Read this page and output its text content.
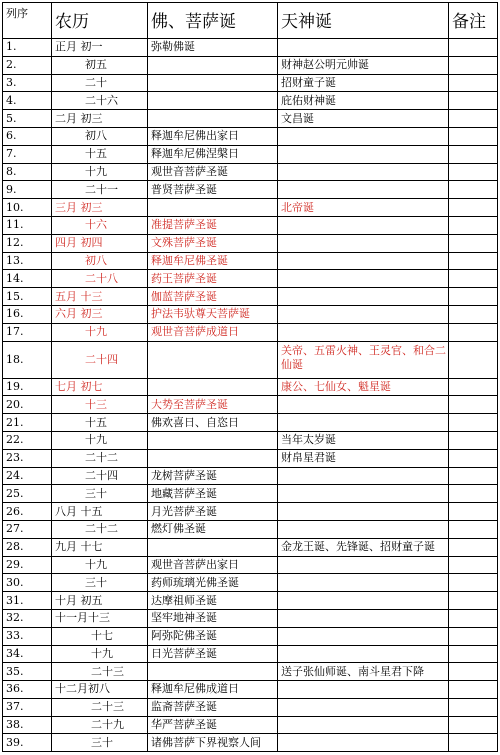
列序	农历	佛、菩萨诞	天神诞	备注
1.	正月 初一	弥勒佛诞		
2.	初五		财神赵公明元帅诞	
3.	二十		招财童子诞	
4.	二十六		庇佑财神诞	
5.	二月 初三		文昌诞	
6.	初八	释迦牟尼佛出家日		
7.	十五	释迦牟尼佛涅槃日		
8.	十九	观世音菩萨圣诞		
9.	二十一	普贤菩萨圣诞		
10.	三月 初三		北帝诞	
11.	十六	准提菩萨圣诞		
12.	四月 初四	文殊菩萨圣诞		
13.	初八	释迦牟尼佛圣诞		
14.	二十八	药王菩萨圣诞		
15.	五月 十三	伽蓝菩萨圣诞		
16.	六月 初三	护法韦驮尊天菩萨诞		
17.	十九	观世音菩萨成道日		
18.	二十四		关帝、五雷火神、王灵官、和合二仙诞	
19.	七月 初七		康公、七仙女、魁星诞	
20.	十三	大势至菩萨圣诞		
21.	十五	佛欢喜日、自恣日		
22.	十九		当年太岁诞	
23.	二十二		财帛星君诞	
24.	二十四	龙树菩萨圣诞		
25.	三十	地藏菩萨圣诞		
26.	八月 十五	月光菩萨圣诞		
27.	二十二	燃灯佛圣诞		
28.	九月 十七		金龙王诞、先锋诞、招财童子诞	
29.	十九	观世音菩萨出家日		
30.	三十	药师琉璃光佛圣诞		
31.	十月 初五	达摩祖师圣诞		
32.	十一月十三	坚牢地神圣诞		
33.	十七	阿弥陀佛圣诞		
34.	十九	日光菩萨圣诞		
35.	二十三		送子张仙师诞、南斗星君下降	
36.	十二月初八	释迦牟尼佛成道日		
37.	二十三	监斋菩萨圣诞		
38.	二十九	华严菩萨圣诞		
39.	三十	诸佛菩萨下界视察人间		
